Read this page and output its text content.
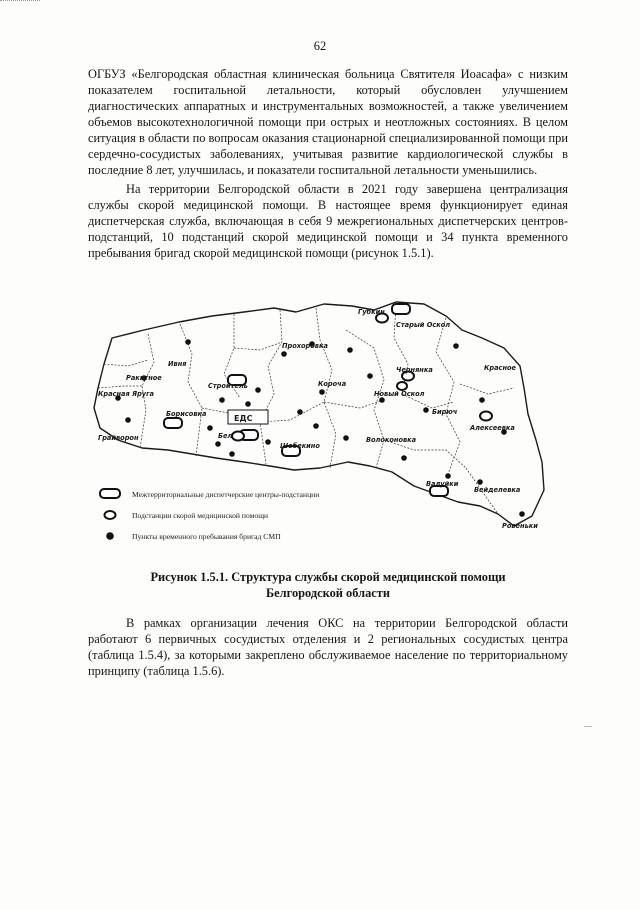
62

ОГБУЗ «Белгородская областная клиническая больница Святителя Иоасафа» с низким показателем госпитальной летальности, который обусловлен улучшением диагностических аппаратных и инструментальных возможностей, а также увеличением объемов высокотехнологичной помощи при острых и неотложных состояниях. В целом ситуация в области по вопросам оказания стационарной специализированной помощи при сердечно-сосудистых заболеваниях, учитывая развитие кардиологической службы в последние 8 лет, улучшилась, и показатели госпитальной летальности уменьшились.

На территории Белгородской области в 2021 году завершена централизация службы скорой медицинской помощи. В настоящее время функционирует единая диспетчерская служба, включающая в себя 9 межрегиональных диспетчерских центров-подстанций, 10 подстанций скорой медицинской помощи и 34 пункта временного пребывания бригад скорой медицинской помощи (рисунок 1.5.1).

Губкин
Старый Оскол
Ивня
Прохоровка
Чернянка	Красное
Ракитное
Строитель	Короча
Красная Яруга
Борисовка
Новый Оскол
Бирюч
Алексеевка
ЕДС
Бел
Грайворон	Волоконовка
Шебекино
Валуйки
Вейделевка
Ровеньки
Межтерриториальные диспетчерские центры-подстанции
Подстанции скорой медицинской помощи
Пункты временного пребывания бригад СМП
Рисунок 1.5.1. Структура службы скорой медицинской помощи
Белгородской области

В рамках организации лечения ОКС на территории Белгородской области работают 6 первичных сосудистых отделения и 2 региональных сосудистых центра (таблица 1.5.4), за которыми закреплено обслуживаемое население по территориальному принципу (таблица 1.5.6).
